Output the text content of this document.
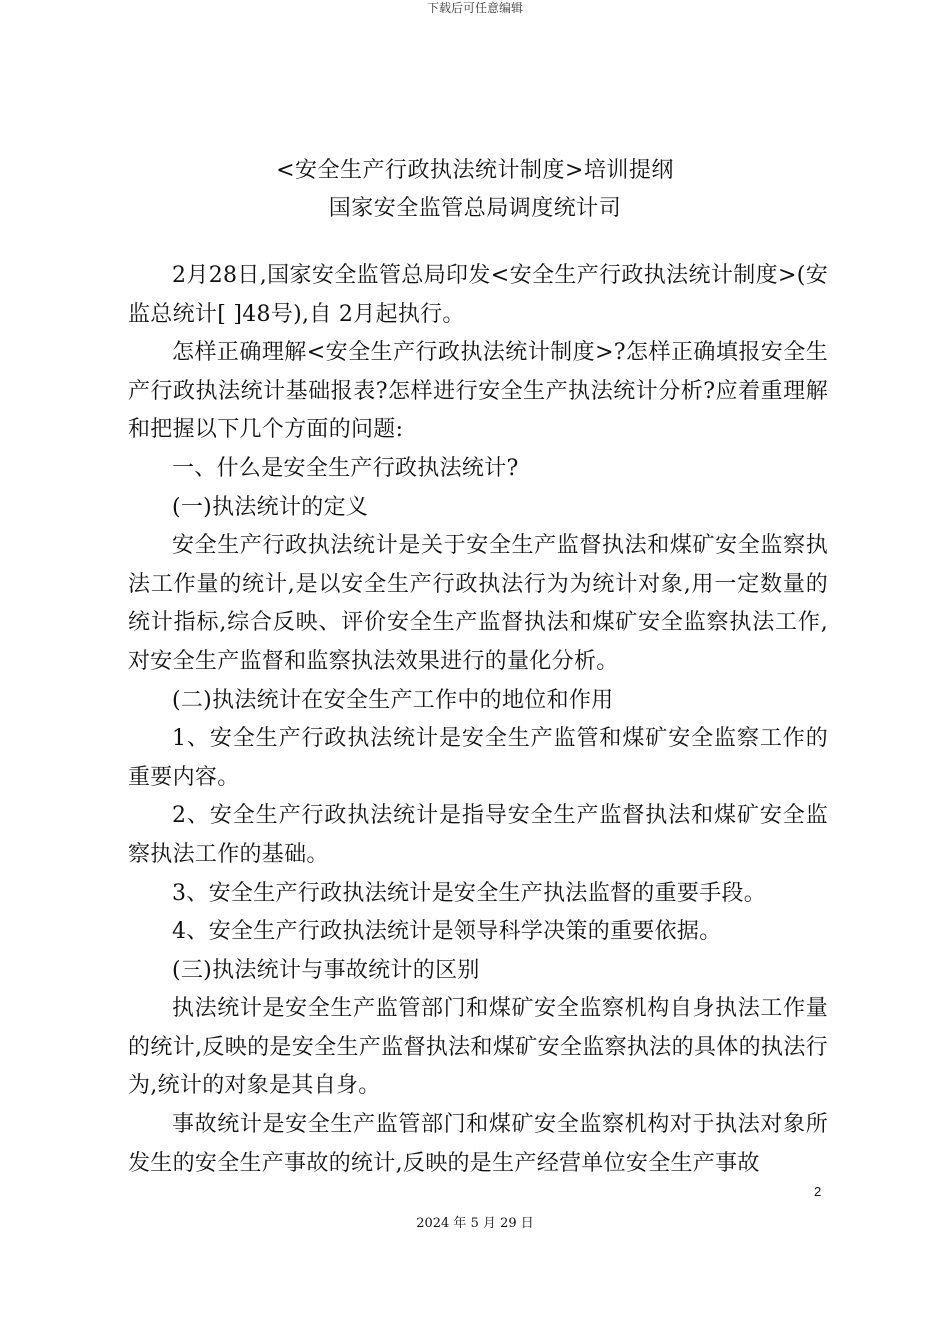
下载后可任意编辑
<安全生产行政执法统计制度>培训提纲
国家安全监管总局调度统计司

2月28日,国家安全监管总局印发<安全生产行政执法统计制度>(安监总统计[ ]48号),自 2月起执行。

怎样正确理解<安全生产行政执法统计制度>?怎样正确填报安全生产行政执法统计基础报表?怎样进行安全生产执法统计分析?应着重理解和把握以下几个方面的问题:

一、什么是安全生产行政执法统计?

(一)执法统计的定义

安全生产行政执法统计是关于安全生产监督执法和煤矿安全监察执法工作量的统计,是以安全生产行政执法行为为统计对象,用一定数量的统计指标,综合反映、评价安全生产监督执法和煤矿安全监察执法工作,对安全生产监督和监察执法效果进行的量化分析。

(二)执法统计在安全生产工作中的地位和作用

1、安全生产行政执法统计是安全生产监管和煤矿安全监察工作的重要内容。

2、安全生产行政执法统计是指导安全生产监督执法和煤矿安全监察执法工作的基础。

3、安全生产行政执法统计是安全生产执法监督的重要手段。

4、安全生产行政执法统计是领导科学决策的重要依据。

(三)执法统计与事故统计的区别

执法统计是安全生产监管部门和煤矿安全监察机构自身执法工作量的统计,反映的是安全生产监督执法和煤矿安全监察执法的具体的执法行为,统计的对象是其自身。

事故统计是安全生产监管部门和煤矿安全监察机构对于执法对象所发生的安全生产事故的统计,反映的是生产经营单位安全生产事故

2
2024 年 5 月 29 日
